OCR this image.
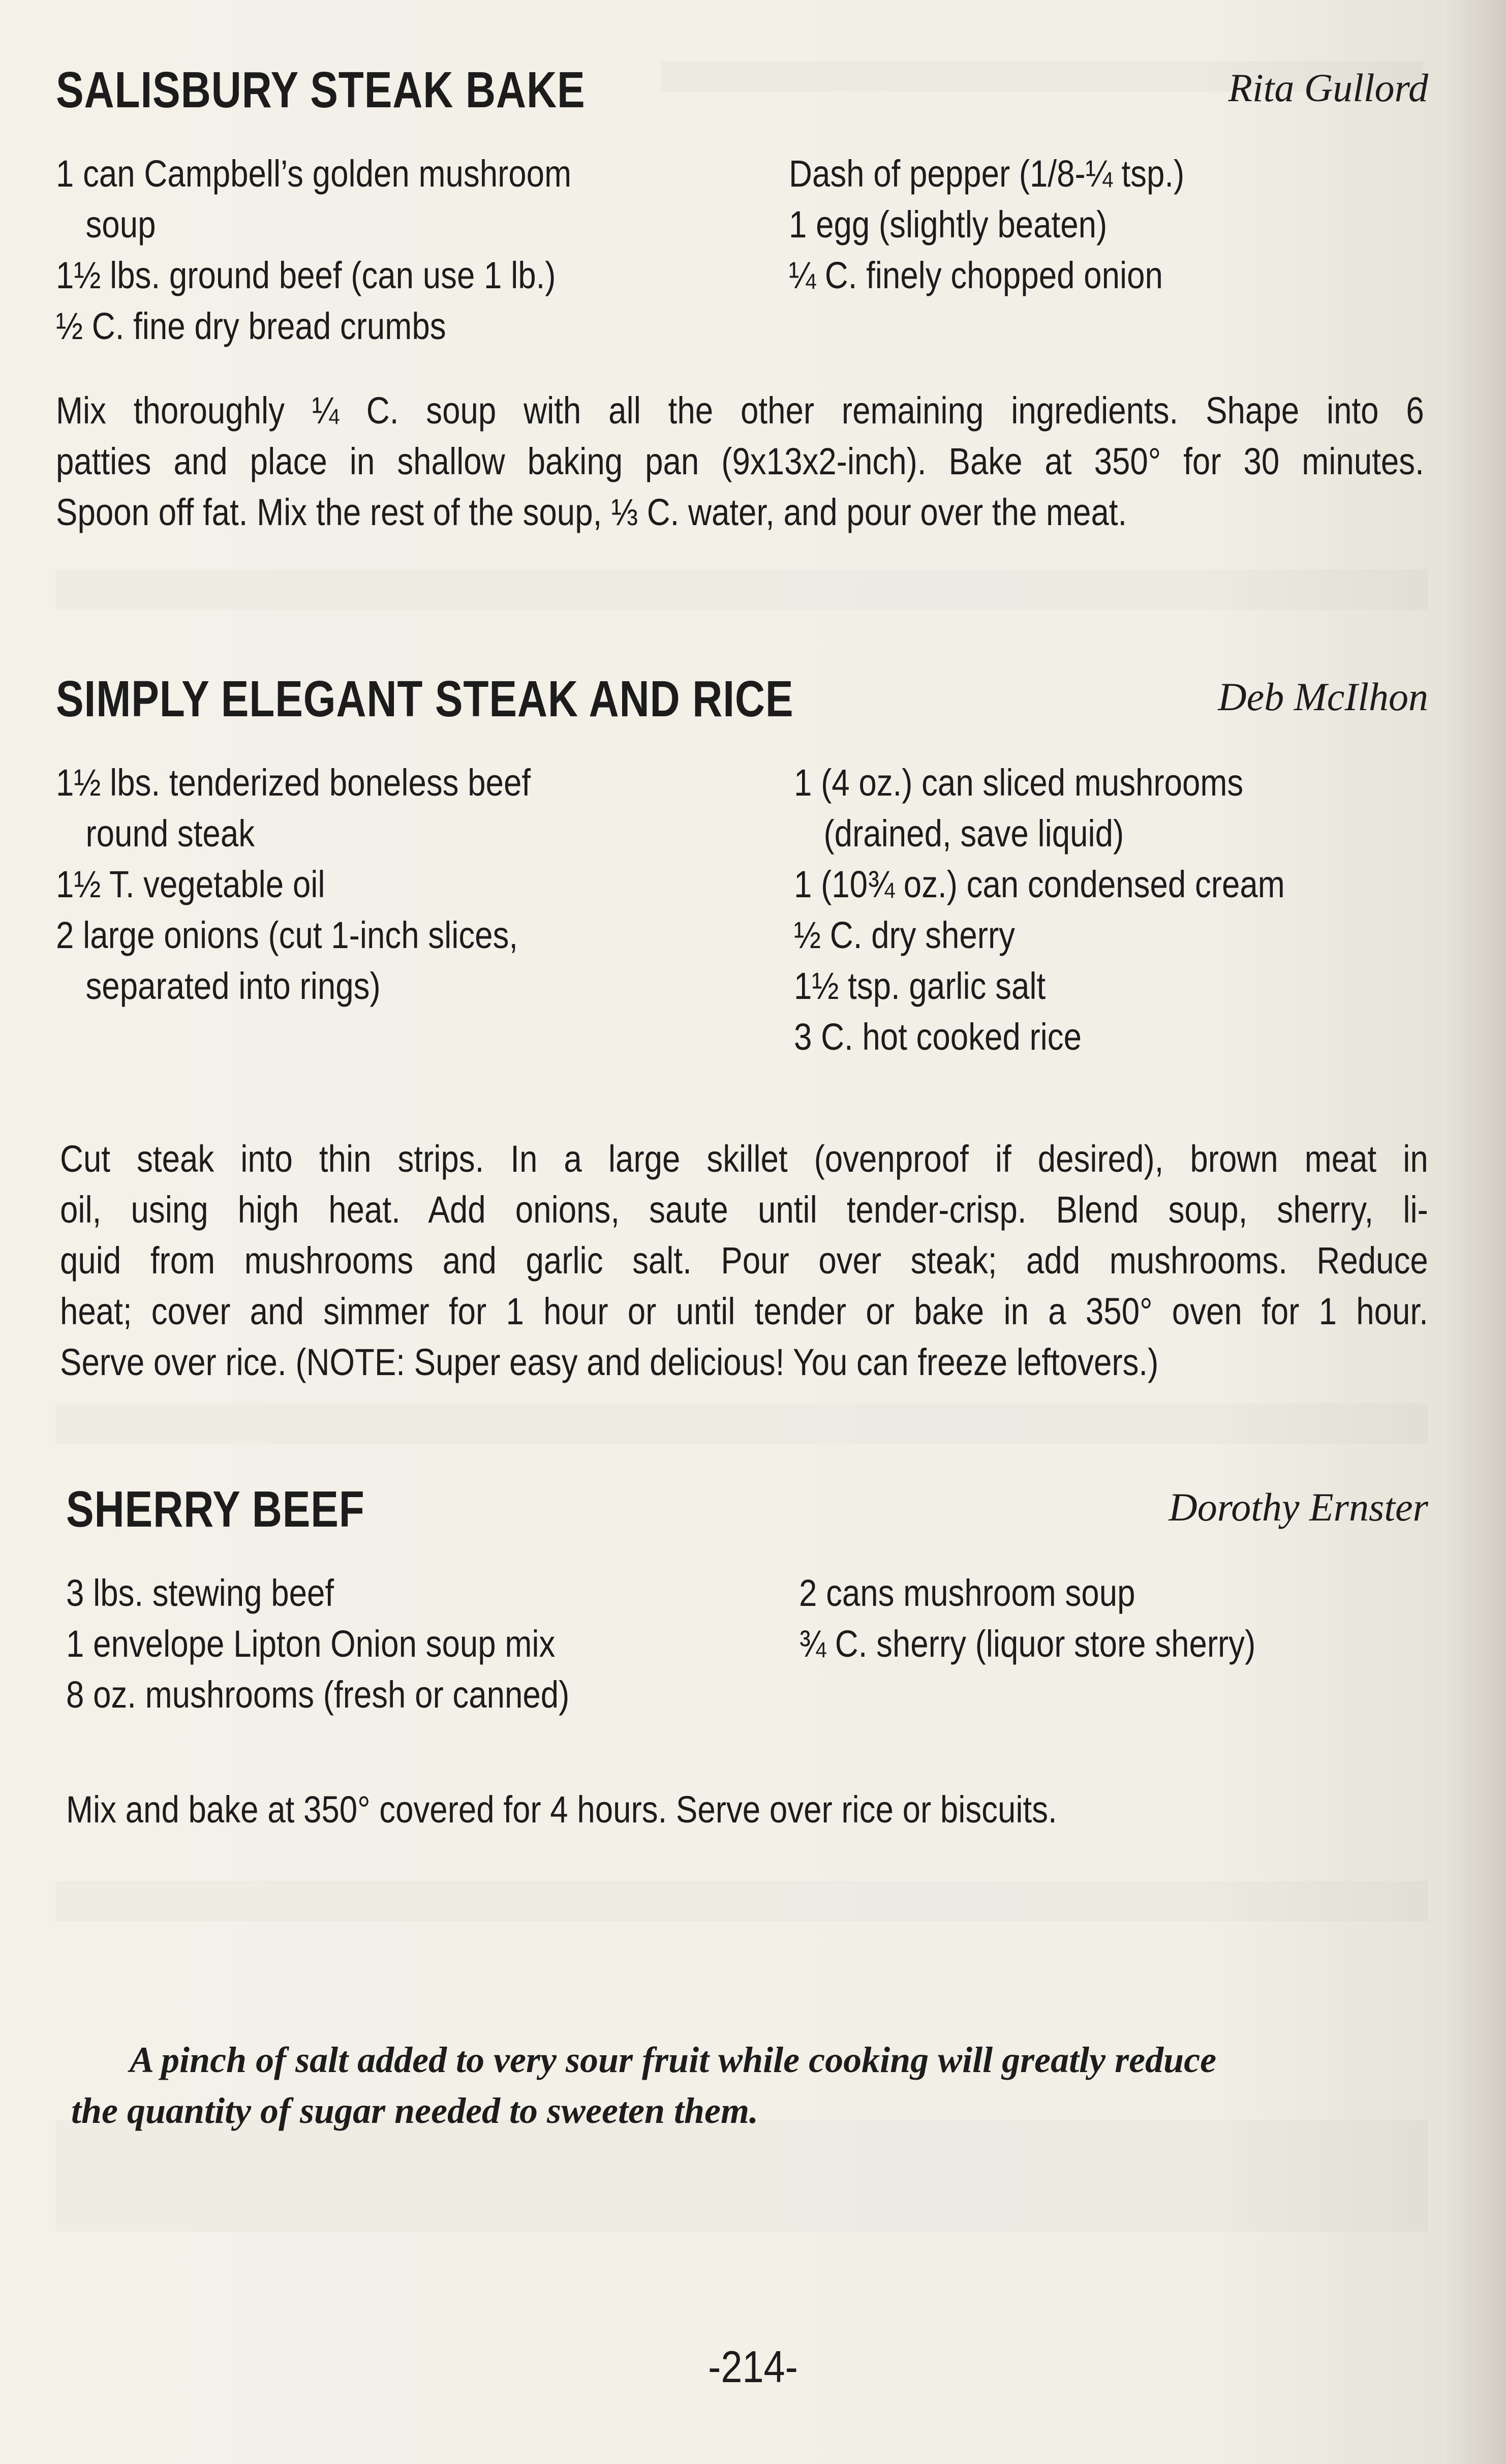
SALISBURY STEAK BAKE	Rita Gullord
1 can Campbell’s golden mushroom
soup
1½ lbs. ground beef (can use 1 lb.)
½ C. fine dry bread crumbs
Dash of pepper (1/8-¼ tsp.)
1 egg (slightly beaten)
¼ C. finely chopped onion
Mix thoroughly ¼ C. soup with all the other remaining ingredients. Shape into 6
patties and place in shallow baking pan (9x13x2-inch). Bake at 350° for 30 minutes.
Spoon off fat. Mix the rest of the soup, ⅓ C. water, and pour over the meat.
SIMPLY ELEGANT STEAK AND RICE	Deb McIlhon
1½ lbs. tenderized boneless beef
round steak
1½ T. vegetable oil
2 large onions (cut 1-inch slices,
separated into rings)
1 (4 oz.) can sliced mushrooms
(drained, save liquid)
1 (10¾ oz.) can condensed cream
½ C. dry sherry
1½ tsp. garlic salt
3 C. hot cooked rice
Cut steak into thin strips. In a large skillet (ovenproof if desired), brown meat in
oil, using high heat. Add onions, saute until tender-crisp. Blend soup, sherry, li-
quid from mushrooms and garlic salt. Pour over steak; add mushrooms. Reduce
heat; cover and simmer for 1 hour or until tender or bake in a 350° oven for 1 hour.
Serve over rice. (NOTE: Super easy and delicious! You can freeze leftovers.)
SHERRY BEEF	Dorothy Ernster
3 lbs. stewing beef
1 envelope Lipton Onion soup mix
8 oz. mushrooms (fresh or canned)
2 cans mushroom soup
¾ C. sherry (liquor store sherry)
Mix and bake at 350° covered for 4 hours. Serve over rice or biscuits.
A pinch of salt added to very sour fruit while cooking will greatly reduce
the quantity of sugar needed to sweeten them.
-214-
